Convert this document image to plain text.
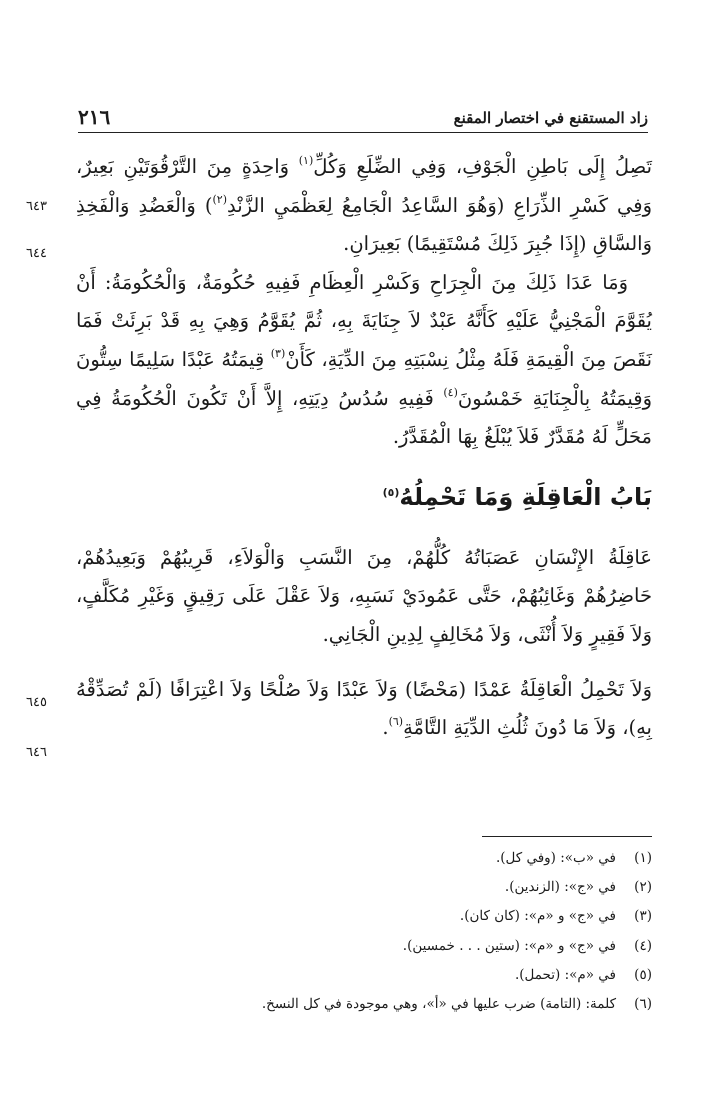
زاد المستقنع في اختصار المقنع
٢١٦

تَصِلُ إِلَى بَاطِنِ الْجَوْفِ، وَفِي الضِّلَعِ وَكُلِّ$^{(١)}$ وَاحِدَةٍ مِنَ التَّرْقُوَتَيْنِ بَعِيرٌ، وَفِي كَسْرِ الذِّرَاعِ (وَهُوَ السَّاعِدُ الْجَامِعُ لِعَظْمَيِ الزَّنْدِ$^{(٢)}$) وَالْعَضُدِ وَالْفَخِذِ وَالسَّاقِ (إِذَا جُبِرَ ذَلِكَ مُسْتَقِيمًا) بَعِيرَانِ.

وَمَا عَدَا ذَلِكَ مِنَ الْجِرَاحِ وَكَسْرِ الْعِظَامِ فَفِيهِ حُكُومَةٌ، وَالْحُكُومَةُ: أَنْ يُقَوَّمَ الْمَجْنِيُّ عَلَيْهِ كَأَنَّهُ عَبْدٌ لاَ جِنَايَةَ بِهِ، ثُمَّ يُقَوَّمُ وَهِيَ بِهِ قَدْ بَرِئَتْ فَمَا نَقَصَ مِنَ الْقِيمَةِ فَلَهُ مِثْلُ نِسْبَتِهِ مِنَ الدِّيَةِ، كَأَنْ$^{(٣)}$ قِيمَتُهُ عَبْدًا سَلِيمًا سِتُّونَ وَقِيمَتُهُ بِالْجِنَايَةِ خَمْسُونَ$^{(٤)}$ فَفِيهِ سُدُسُ دِيَتِهِ، إِلاَّ أَنْ تَكُونَ الْحُكُومَةُ فِي مَحَلٍّ لَهُ مُقَدَّرٌ فَلاَ يُبْلَغُ بِهَا الْمُقَدَّرُ.

بَابُ الْعَاقِلَةِ وَمَا تَحْمِلُهُ$^{(٥)}$

عَاقِلَةُ الإِنْسَانِ عَصَبَاتُهُ كُلُّهُمْ، مِنَ النَّسَبِ وَالْوَلاَءِ، قَرِيبُهُمْ وَبَعِيدُهُمْ، حَاضِرُهُمْ وَغَائِبُهُمْ، حَتَّى عَمُودَيْ نَسَبِهِ، وَلاَ عَقْلَ عَلَى رَقِيقٍ وَغَيْرِ مُكَلَّفٍ، وَلاَ فَقِيرٍ وَلاَ أُنْثَى، وَلاَ مُخَالِفٍ لِدِينِ الْجَانِي.

وَلاَ تَحْمِلُ الْعَاقِلَةُ عَمْدًا (مَحْضًا) وَلاَ عَبْدًا وَلاَ صُلْحًا وَلاَ اعْتِرَافًا (لَمْ تُصَدِّقْهُ بِهِ)، وَلاَ مَا دُونَ ثُلُثِ الدِّيَةِ التَّامَّةِ$^{(٦)}$.

٦٤٣
٦٤٤
٦٤٥
٦٤٦
(١)
في «ب»: (وفي كل).
(٢)
في «ج»: (الزندين).
(٣)
في «ج» و «م»: (كان كان).
(٤)
في «ج» و «م»: (ستين . . . خمسين).
(٥)
في «م»: (تحمل).
(٦)
كلمة: (التامة) ضرب عليها في «أ»، وهي موجودة في كل النسخ.
